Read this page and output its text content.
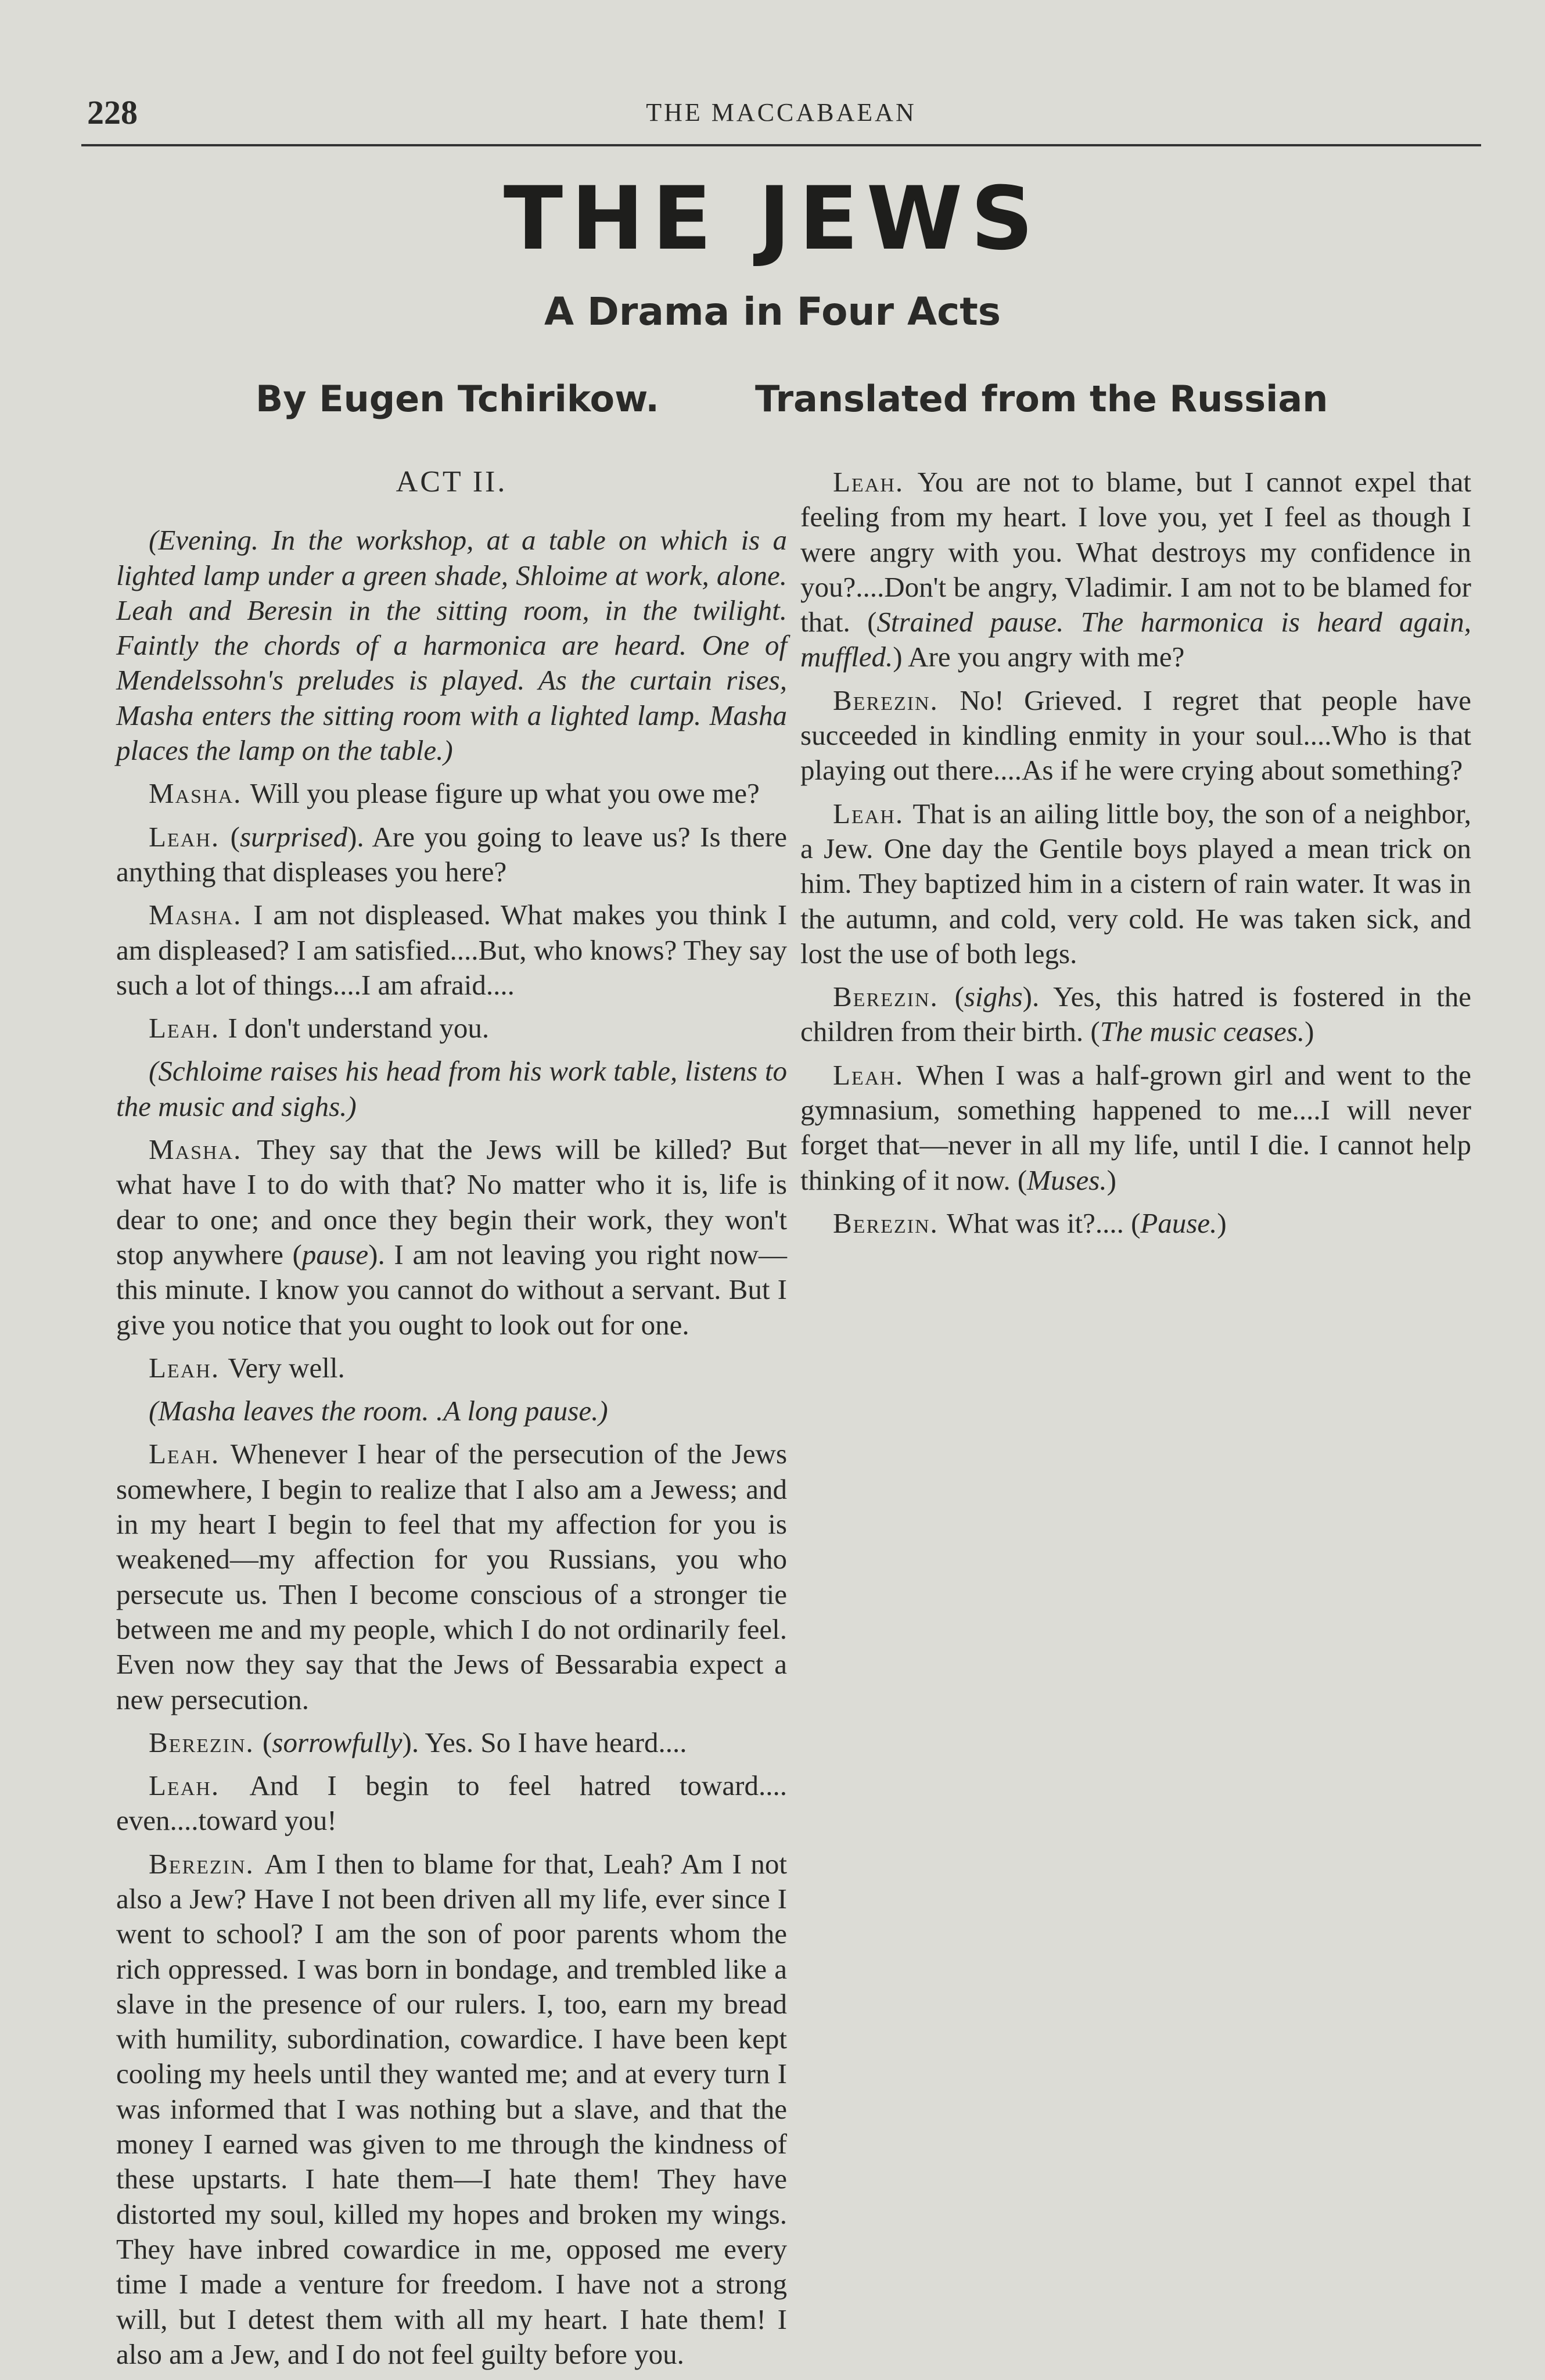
228	THE MACCABAEAN
THE JEWS
A Drama in Four Acts
By Eugen Tchirikow.	Translated from the Russian
ACT II.

(Evening. In the workshop, at a table on which is a lighted lamp under a green shade, Shloime at work, alone. Leah and Beresin in the sitting room, in the twilight. Faintly the chords of a harmonica are heard. One of Mendelssohn's preludes is played. As the curtain rises, Masha enters the sitting room with a lighted lamp. Masha places the lamp on the table.)

Masha . Will you please figure up what you owe me?

Leah . ( surprised ) . Are you going to leave us? Is there anything that displeases you here?

Masha . I am not displeased. What makes you think I am displeased? I am satisfied....But, who knows? They say such a lot of things....I am afraid....

Leah . I don't understand you.

(Schloime raises his head from his work table, listens to the music and sighs.)

Masha . They say that the Jews will be killed? But what have I to do with that? No matter who it is, life is dear to one; and once they begin their work, they won't stop anywhere ( pause ) . I am not leaving you right now—this minute. I know you cannot do without a servant. But I give you notice that you ought to look out for one.

Leah . Very well.

(Masha leaves the room. .A long pause.)

Leah . Whenever I hear of the persecution of the Jews somewhere, I begin to realize that I also am a Jewess; and in my heart I begin to feel that my affection for you is weakened—my affection for you Russians, you who persecute us. Then I become conscious of a stronger tie between me and my people, which I do not ordinarily feel. Even now they say that the Jews of Bessarabia expect a new persecution.

Berezin . ( sorrowfully ) . Yes. So I have heard....

Leah . And I begin to feel hatred toward.... even....toward you!

Berezin . Am I then to blame for that, Leah? Am I not also a Jew? Have I not been driven all my life, ever since I went to school? I am the son of poor parents whom the rich oppressed. I was born in bondage, and trembled like a slave in the presence of our rulers. I, too, earn my bread with humility, subordination, cowardice. I have been kept cooling my heels until they wanted me; and at every turn I was informed that I was nothing but a slave, and that the money I earned was given to me through the kindness of these upstarts. I hate them—I hate them! They have distorted my soul, killed my hopes and broken my wings. They have inbred cowardice in me, opposed me every time I made a venture for freedom. I have not a strong will, but I detest them with all my heart. I hate them! I also am a Jew, and I do not feel guilty before you.

Leah . You are not to blame, but I cannot expel that feeling from my heart. I love you, yet I feel as though I were angry with you. What destroys my confidence in you?....Don't be angry, Vladimir. I am not to be blamed for that. ( Strained pause. The harmonica is heard again, muffled. ) Are you angry with me?

Berezin . No! Grieved. I regret that people have succeeded in kindling enmity in your soul....Who is that playing out there....As if he were crying about something?

Leah . That is an ailing little boy, the son of a neighbor, a Jew. One day the Gentile boys played a mean trick on him. They baptized him in a cistern of rain water. It was in the autumn, and cold, very cold. He was taken sick, and lost the use of both legs.

Berezin . ( sighs ) . Yes, this hatred is fostered in the children from their birth. ( The music ceases. )

Leah . When I was a half-grown girl and went to the gymnasium, something happened to me....I will never forget that—never in all my life, until I die. I cannot help thinking of it now. ( Muses. )

Berezin . What was it?.... ( Pause. )
